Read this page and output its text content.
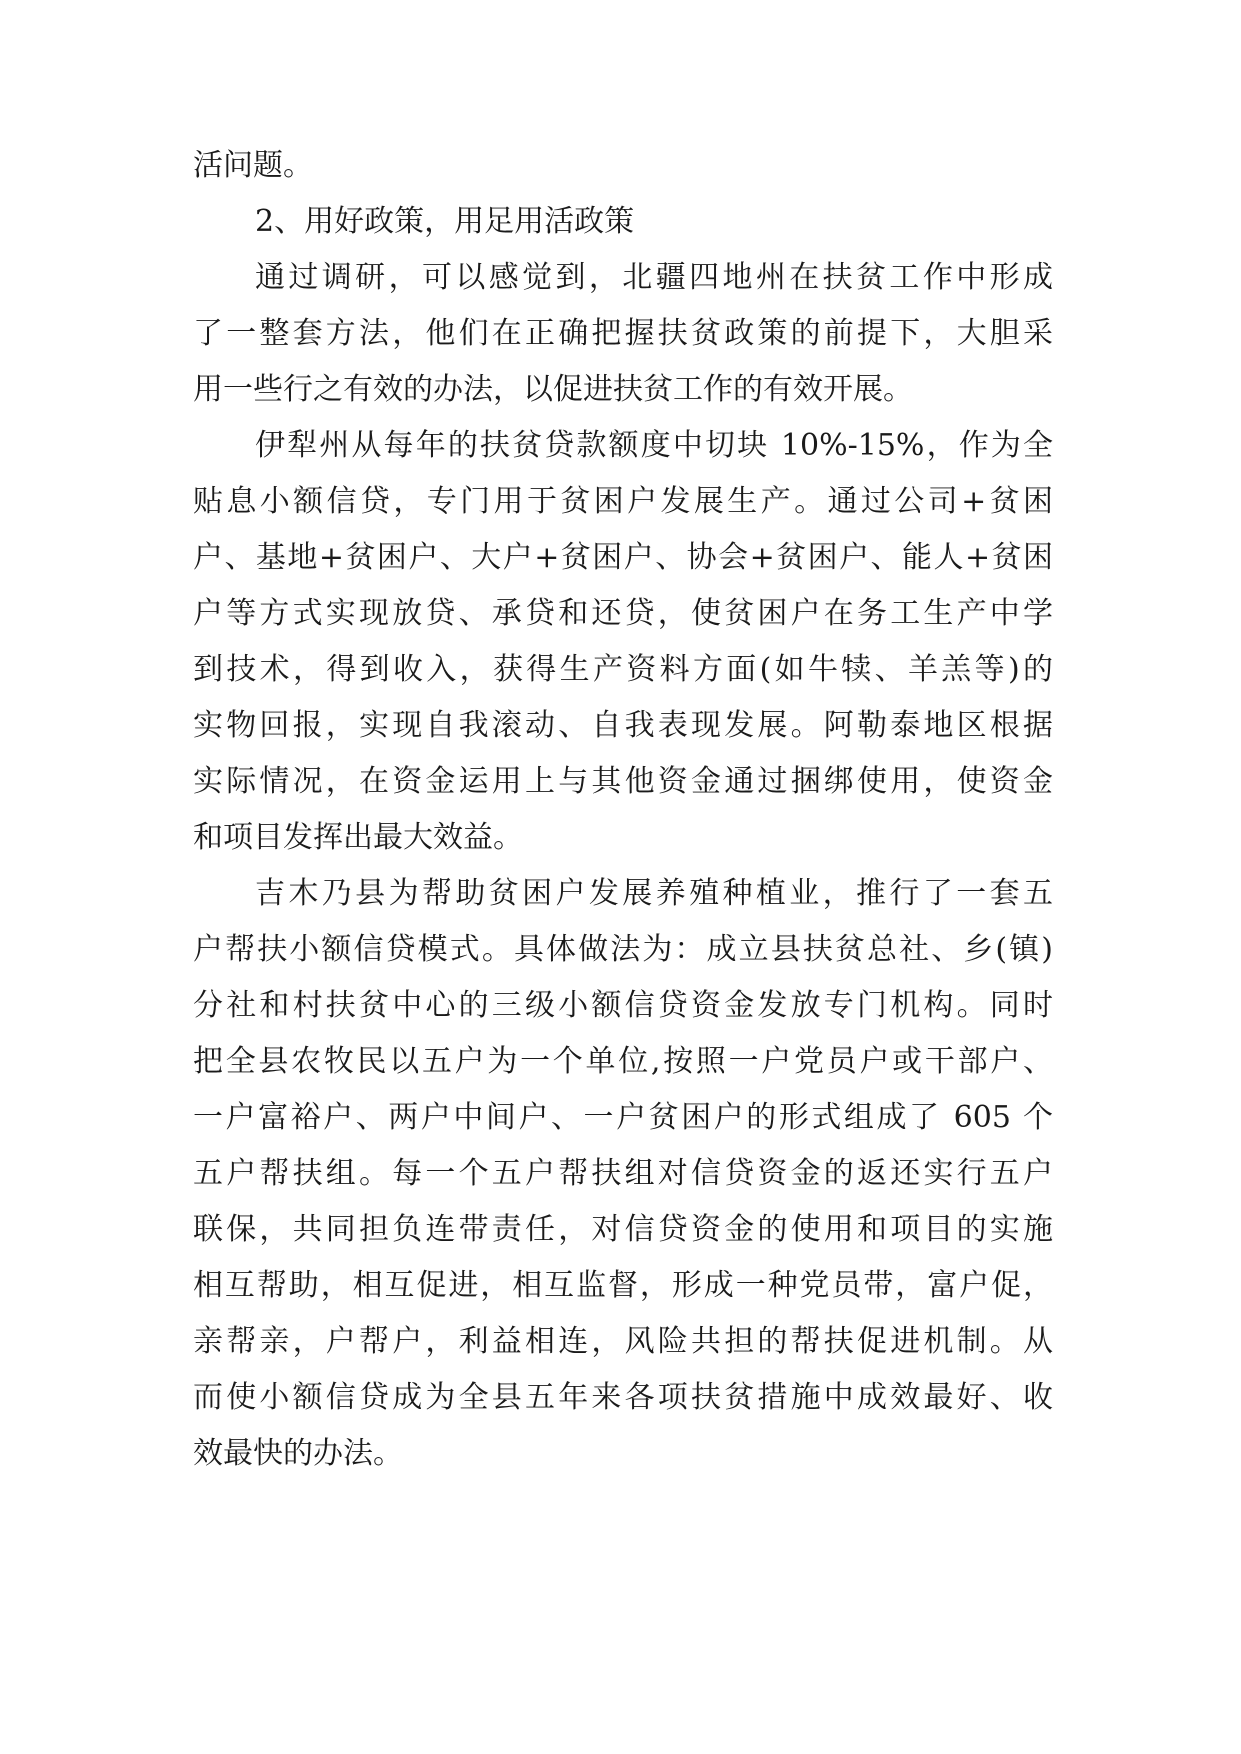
活问题。
2、用好政策，用足用活政策
通过调研，可以感觉到，北疆四地州在扶贫工作中形成
了一整套方法，他们在正确把握扶贫政策的前提下，大胆采
用一些行之有效的办法，以促进扶贫工作的有效开展。
伊犁州从每年的扶贫贷款额度中切块 10%-15%，作为全
贴息小额信贷，专门用于贫困户发展生产。通过公司+贫困
户、基地+贫困户、大户+贫困户、协会+贫困户、能人+贫困
户等方式实现放贷、承贷和还贷，使贫困户在务工生产中学
到技术，得到收入，获得生产资料方面(如牛犊、羊羔等)的
实物回报，实现自我滚动、自我表现发展。阿勒泰地区根据
实际情况，在资金运用上与其他资金通过捆绑使用，使资金
和项目发挥出最大效益。
吉木乃县为帮助贫困户发展养殖种植业，推行了一套五
户帮扶小额信贷模式。具体做法为：成立县扶贫总社、乡(镇)
分社和村扶贫中心的三级小额信贷资金发放专门机构。同时
把全县农牧民以五户为一个单位,按照一户党员户或干部户、
一户富裕户、两户中间户、一户贫困户的形式组成了 605 个
五户帮扶组。每一个五户帮扶组对信贷资金的返还实行五户
联保，共同担负连带责任，对信贷资金的使用和项目的实施
相互帮助，相互促进，相互监督，形成一种党员带，富户促，
亲帮亲，户帮户，利益相连，风险共担的帮扶促进机制。从
而使小额信贷成为全县五年来各项扶贫措施中成效最好、收
效最快的办法。
